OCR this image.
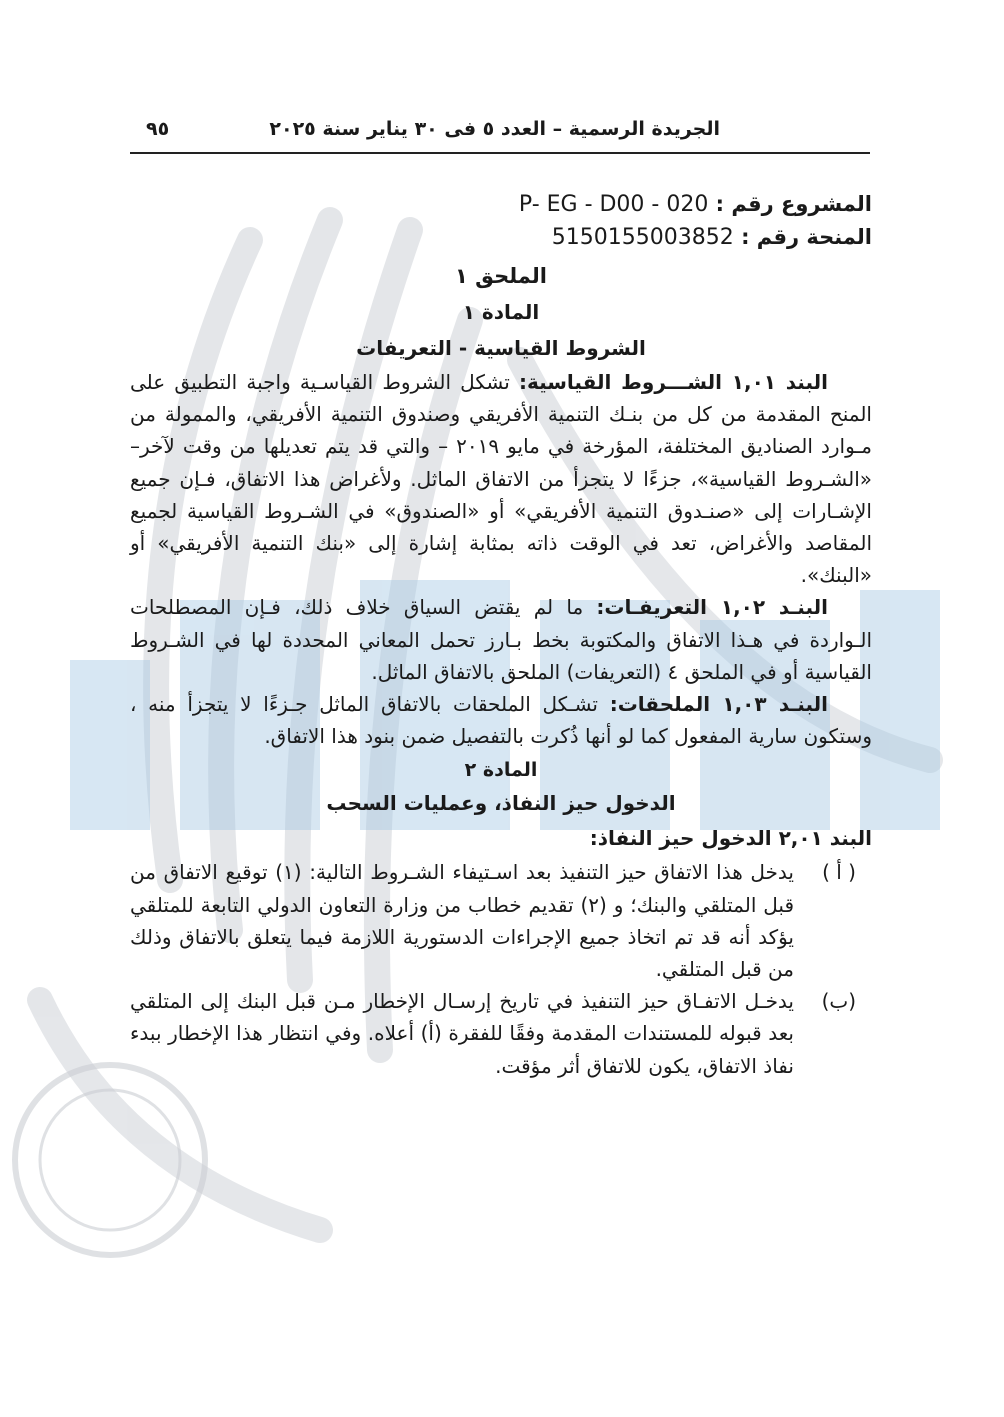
الجريدة الرسمية – العدد ٥ فى ٣٠ يناير سنة ٢٠٢٥
٩٥
المشروع رقم : P- EG - D00 - 020
المنحة رقم : 5150155003852
الملحق ١
المادة ١
الشروط القياسية - التعريفات

البند ١,٠١ الشـــروط القياسية: تشكل الشروط القياسـية واجبة التطبيق على المنح المقدمة من كل من بنـك التنمية الأفريقي وصندوق التنمية الأفريقي، والممولة من مـوارد الصناديق المختلفة، المؤرخة في مايو ٢٠١٩ – والتي قد يتم تعديلها من وقت لآخر– «الشـروط القياسية»، جزءًا لا يتجزأ من الاتفاق الماثل. ولأغراض هذا الاتفاق، فـإن جميع الإشـارات إلى «صنـدوق التنمية الأفريقي» أو «الصندوق» في الشـروط القياسية لجميع المقاصد والأغراض، تعد في الوقت ذاته بمثابة إشارة إلى «بنك التنمية الأفريقي» أو «البنك».

البنـد ١,٠٢ التعريفـات: ما لم يقتض السياق خلاف ذلك، فـإن المصطلحات الـواردة في هـذا الاتفاق والمكتوبة بخط بـارز تحمل المعاني المحددة لها في الشـروط القياسية أو في الملحق ٤ (التعريفات) الملحق بالاتفاق الماثل.

البنـد ١,٠٣ الملحقات: تشـكل الملحقات بالاتفاق الماثل جـزءًا لا يتجزأ منه ، وستكون سارية المفعول كما لو أنها ذُكرت بالتفصيل ضمن بنود هذا الاتفاق.

المادة ٢
الدخول حيز النفاذ، وعمليات السحب
البند ٢,٠١ الدخول حيز النفاذ:
( أ )
يدخل هذا الاتفاق حيز التنفيذ بعد اسـتيفاء الشـروط التالية: (١) توقيع الاتفاق من قبل المتلقي والبنك؛ و (٢) تقديم خطاب من وزارة التعاون الدولي التابعة للمتلقي يؤكد أنه قد تم اتخاذ جميع الإجراءات الدستورية اللازمة فيما يتعلق بالاتفاق وذلك من قبل المتلقي.
(ب)
يدخـل الاتفـاق حيز التنفيذ في تاريخ إرسـال الإخطار مـن قبل البنك إلى المتلقي بعد قبوله للمستندات المقدمة وفقًا للفقرة (أ) أعلاه. وفي انتظار هذا الإخطار ببدء نفاذ الاتفاق، يكون للاتفاق أثر مؤقت.
